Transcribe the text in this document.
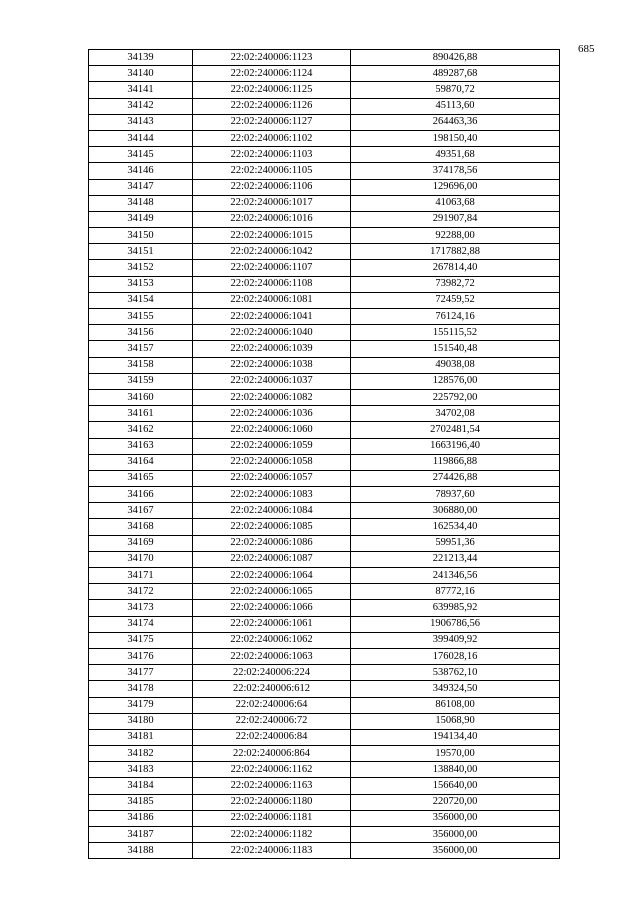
685
34139	22:02:240006:1123	890426,88
34140	22:02:240006:1124	489287,68
34141	22:02:240006:1125	59870,72
34142	22:02:240006:1126	45113,60
34143	22:02:240006:1127	264463,36
34144	22:02:240006:1102	198150,40
34145	22:02:240006:1103	49351,68
34146	22:02:240006:1105	374178,56
34147	22:02:240006:1106	129696,00
34148	22:02:240006:1017	41063,68
34149	22:02:240006:1016	291907,84
34150	22:02:240006:1015	92288,00
34151	22:02:240006:1042	1717882,88
34152	22:02:240006:1107	267814,40
34153	22:02:240006:1108	73982,72
34154	22:02:240006:1081	72459,52
34155	22:02:240006:1041	76124,16
34156	22:02:240006:1040	155115,52
34157	22:02:240006:1039	151540,48
34158	22:02:240006:1038	49038,08
34159	22:02:240006:1037	128576,00
34160	22:02:240006:1082	225792,00
34161	22:02:240006:1036	34702,08
34162	22:02:240006:1060	2702481,54
34163	22:02:240006:1059	1663196,40
34164	22:02:240006:1058	119866,88
34165	22:02:240006:1057	274426,88
34166	22:02:240006:1083	78937,60
34167	22:02:240006:1084	306880,00
34168	22:02:240006:1085	162534,40
34169	22:02:240006:1086	59951,36
34170	22:02:240006:1087	221213,44
34171	22:02:240006:1064	241346,56
34172	22:02:240006:1065	87772,16
34173	22:02:240006:1066	639985,92
34174	22:02:240006:1061	1906786,56
34175	22:02:240006:1062	399409,92
34176	22:02:240006:1063	176028,16
34177	22:02:240006:224	538762,10
34178	22:02:240006:612	349324,50
34179	22:02:240006:64	86108,00
34180	22:02:240006:72	15068,90
34181	22:02:240006:84	194134,40
34182	22:02:240006:864	19570,00
34183	22:02:240006:1162	138840,00
34184	22:02:240006:1163	156640,00
34185	22:02:240006:1180	220720,00
34186	22:02:240006:1181	356000,00
34187	22:02:240006:1182	356000,00
34188	22:02:240006:1183	356000,00
